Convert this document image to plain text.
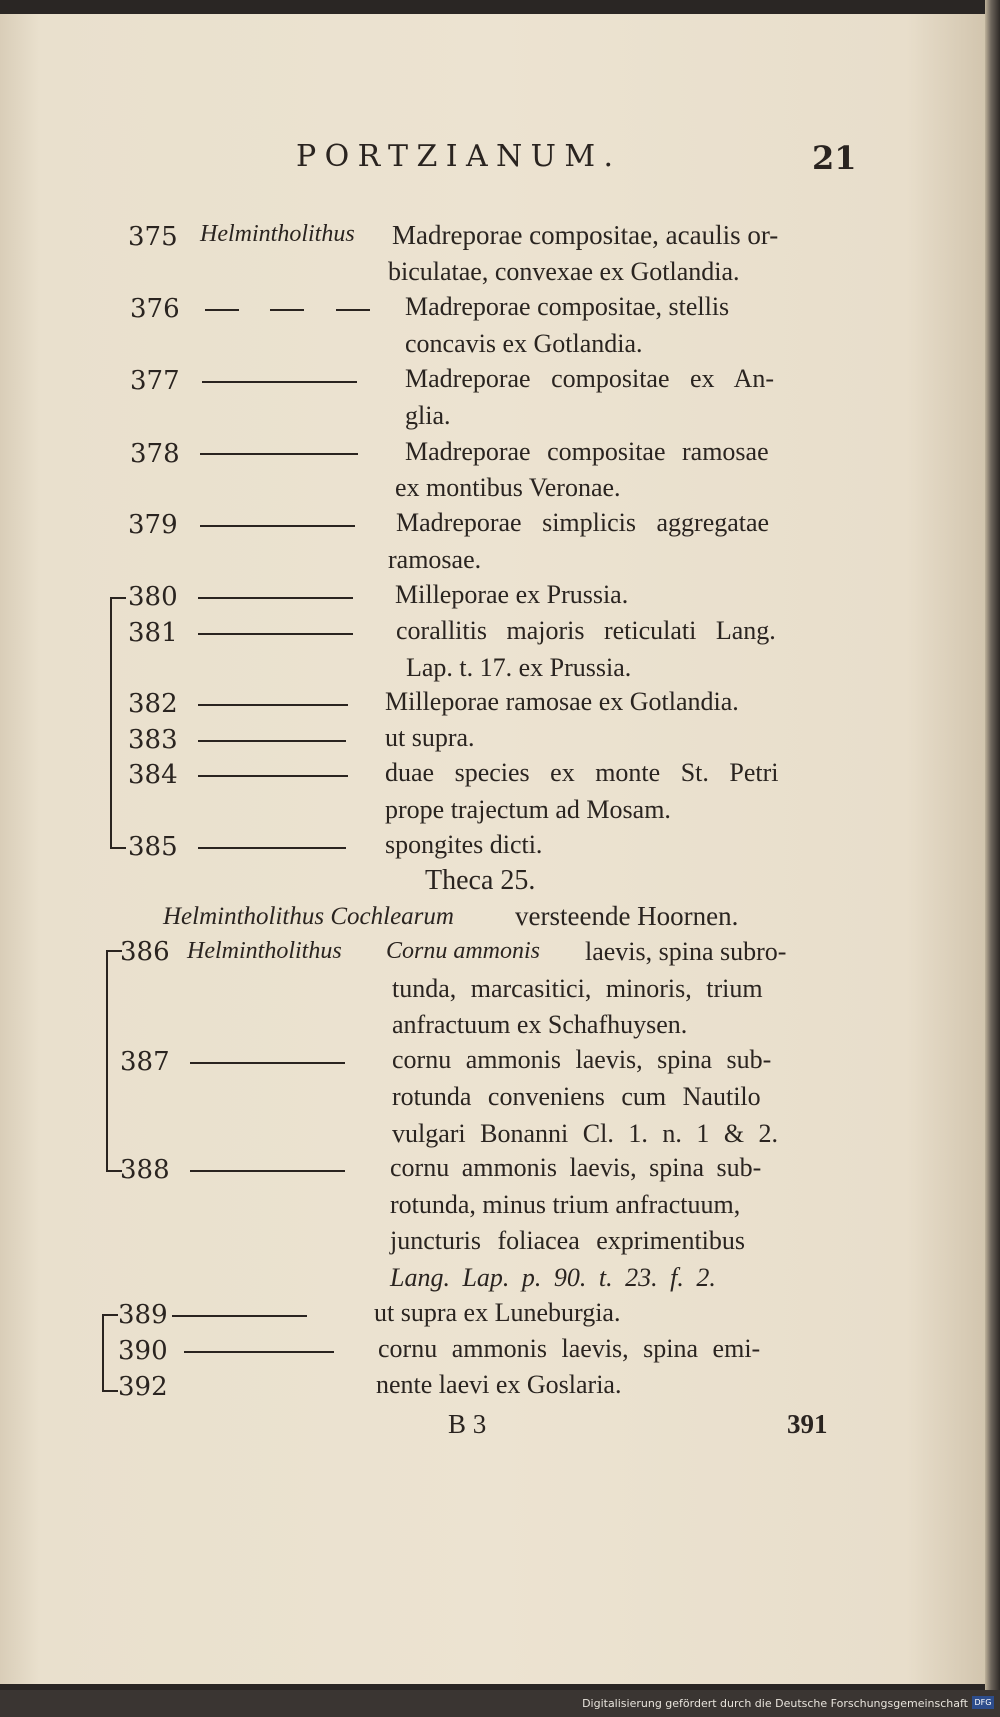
PORTZIANUM.	21
375 Helmintholithus Madreporae compositae, acaulis or-
biculatae, convexae ex Gotlandia.
376	Madreporae compositae, stellis
concavis ex Gotlandia.
377	Madreporae compositae ex An-
glia.
378	Madreporae compositae ramosae
ex montibus Veronae.
379	Madreporae simplicis aggregatae
ramosae.
380	Milleporae ex Prussia.
381	corallitis majoris reticulati Lang.
Lap. t. 17. ex Prussia.
382	Milleporae ramosae ex Gotlandia.
383	ut supra.
384	duae species ex monte St. Petri
prope trajectum ad Mosam.
385	spongites dicti.
Theca 25.
Helmintholithus Cochlearum versteende Hoornen.
386 Helmintholithus Cornu ammonis laevis, spina subro-
tunda, marcasitici, minoris, trium
anfractuum ex Schafhuysen.
387	cornu ammonis laevis, spina sub-
rotunda conveniens cum Nautilo
vulgari Bonanni Cl. 1. n. 1 & 2.
388	cornu ammonis laevis, spina sub-
rotunda, minus trium anfractuum,
juncturis foliacea exprimentibus
Lang. Lap. p. 90. t. 23. f. 2.
389	ut supra ex Luneburgia.
390	cornu ammonis laevis, spina emi-
392	nente laevi ex Goslaria.
B 3	391
Digitalisierung gefördert durch die Deutsche Forschungsgemeinschaft DFG
